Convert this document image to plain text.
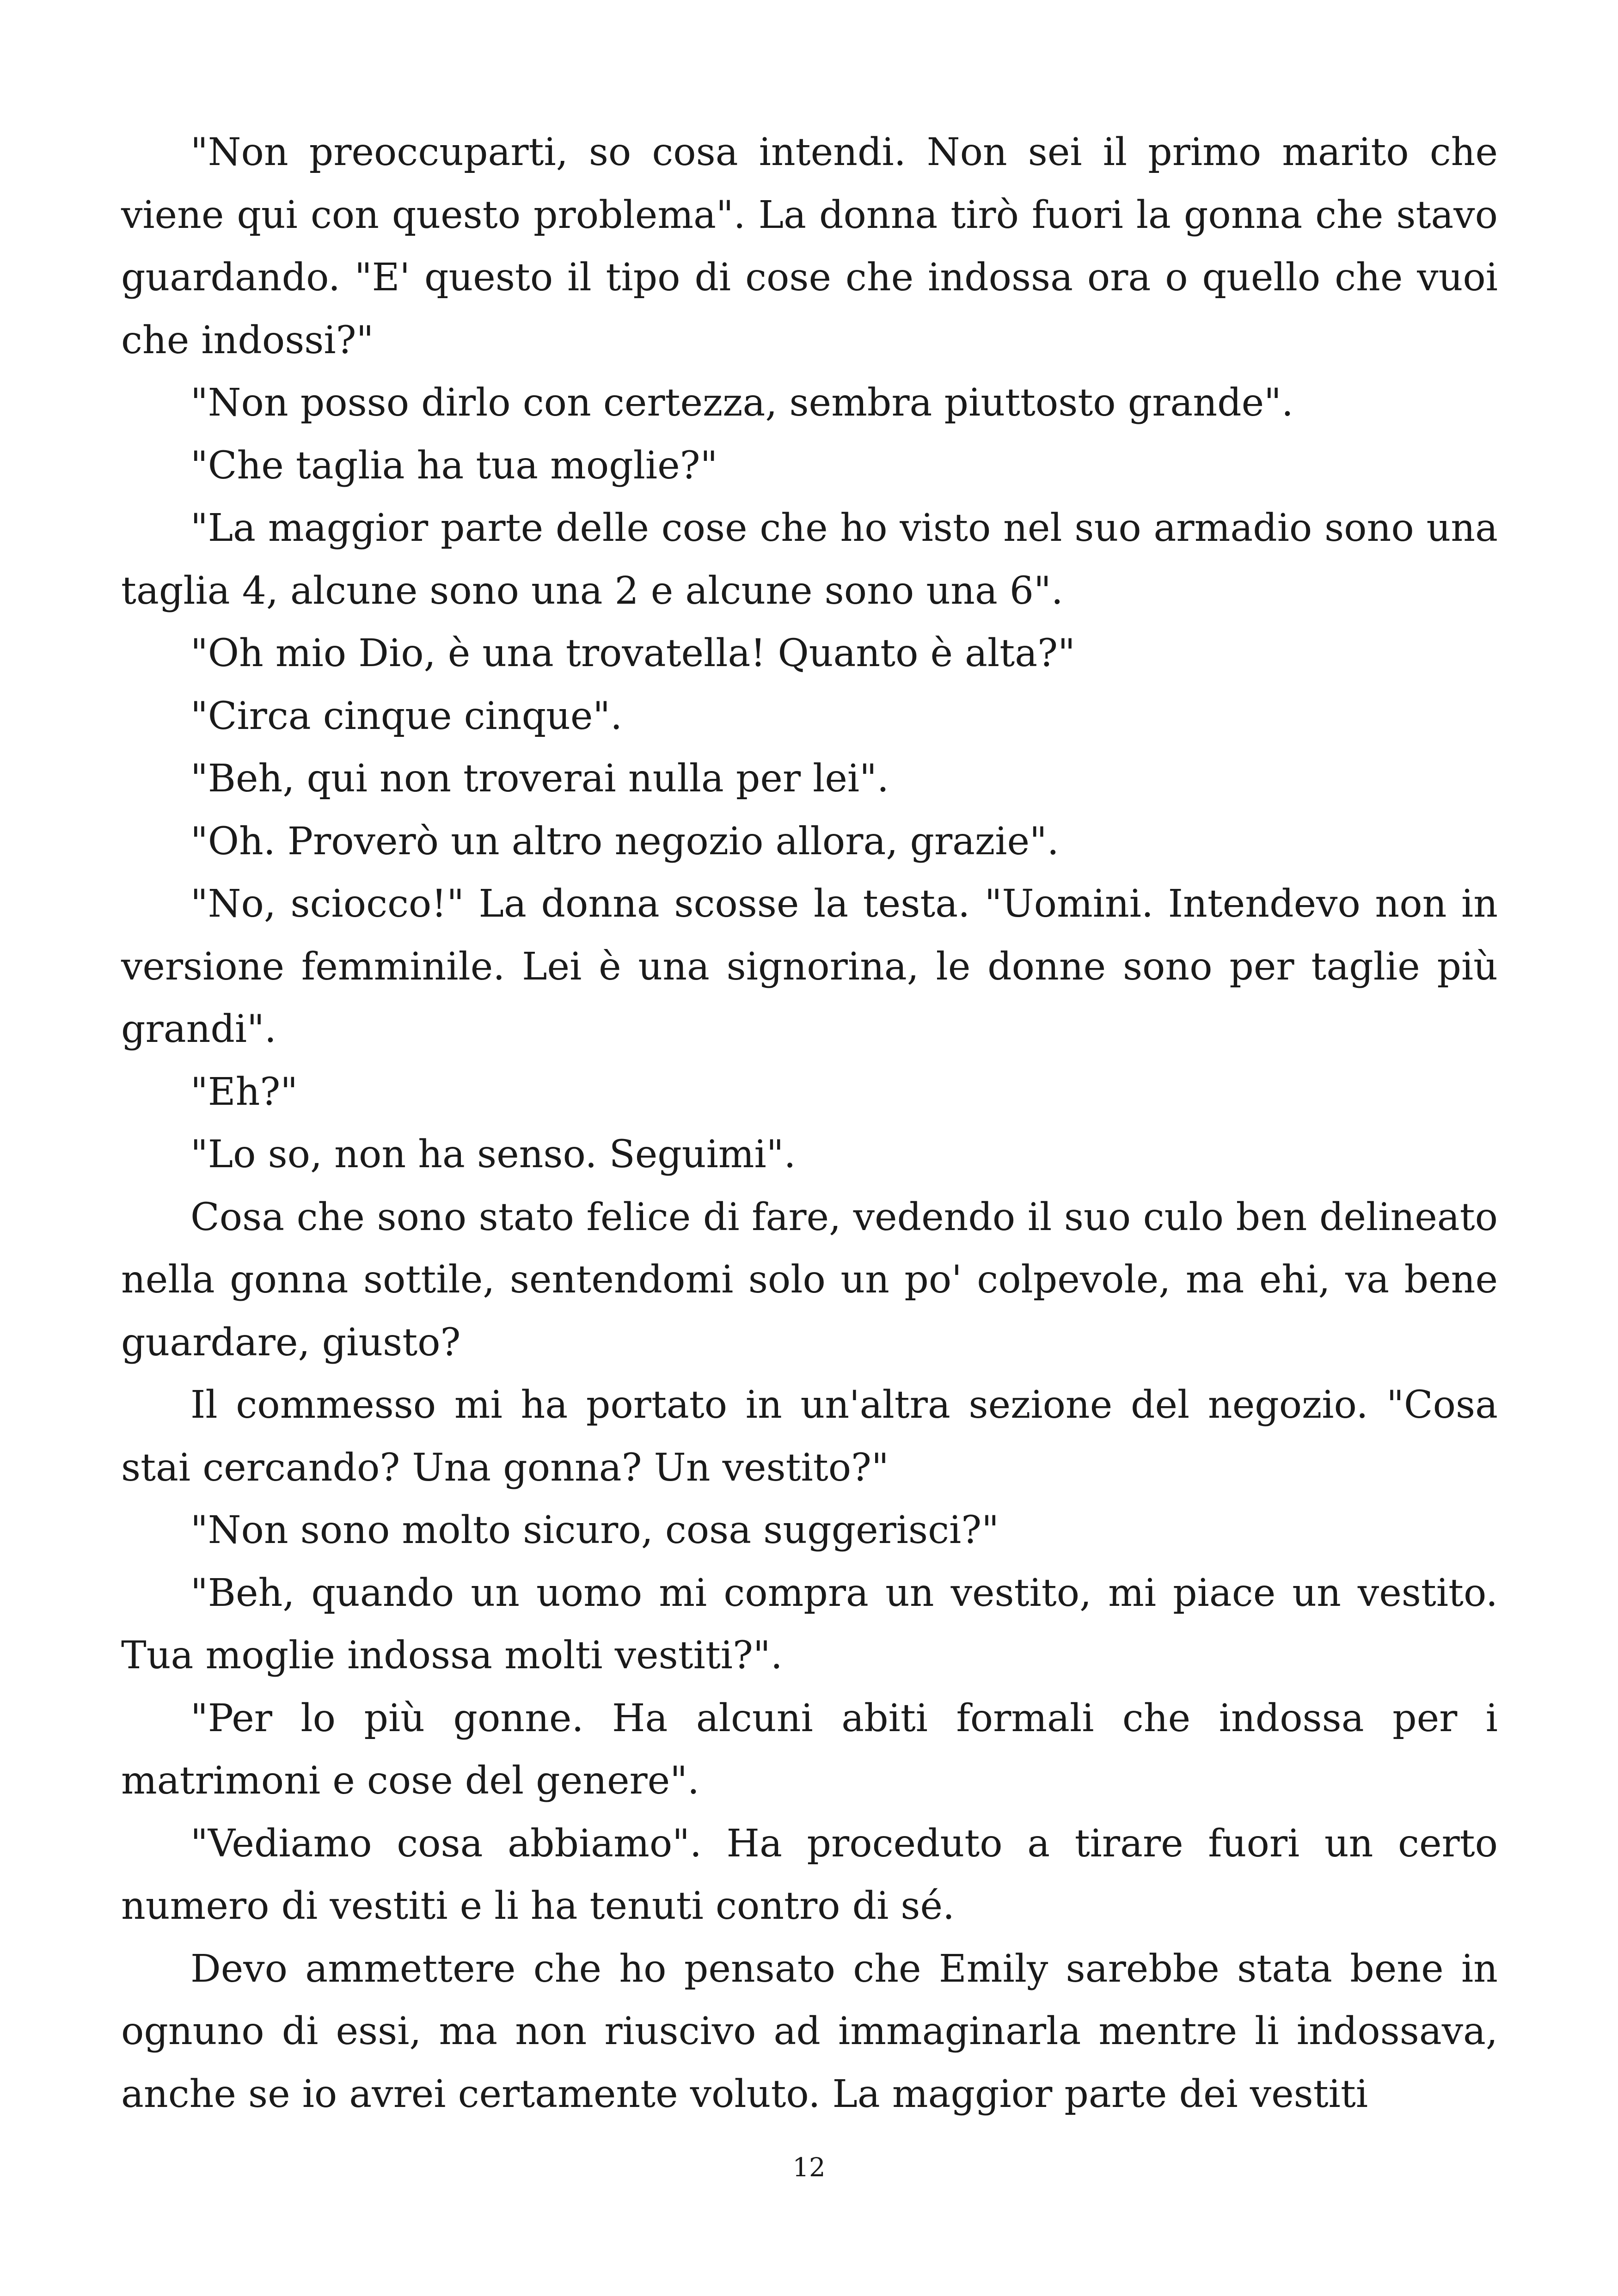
"Non preoccuparti, so cosa intendi. Non sei il primo marito che viene qui con questo problema". La donna tirò fuori la gonna che stavo guardando. "E' questo il tipo di cose che indossa ora o quello che vuoi che indossi?"

"Non posso dirlo con certezza, sembra piuttosto grande".

"Che taglia ha tua moglie?"

"La maggior parte delle cose che ho visto nel suo armadio sono una taglia 4, alcune sono una 2 e alcune sono una 6".

"Oh mio Dio, è una trovatella! Quanto è alta?"

"Circa cinque cinque".

"Beh, qui non troverai nulla per lei".

"Oh. Proverò un altro negozio allora, grazie".

"No, sciocco!" La donna scosse la testa. "Uomini. Intendevo non in versione femminile. Lei è una signorina, le donne sono per taglie più grandi".

"Eh?"

"Lo so, non ha senso. Seguimi".

Cosa che sono stato felice di fare, vedendo il suo culo ben delineato nella gonna sottile, sentendomi solo un po' colpevole, ma ehi, va bene guardare, giusto?

Il commesso mi ha portato in un'altra sezione del negozio. "Cosa stai cercando? Una gonna? Un vestito?"

"Non sono molto sicuro, cosa suggerisci?"

"Beh, quando un uomo mi compra un vestito, mi piace un vestito. Tua moglie indossa molti vestiti?".

"Per lo più gonne. Ha alcuni abiti formali che indossa per i matrimoni e cose del genere".

"Vediamo cosa abbiamo". Ha proceduto a tirare fuori un certo numero di vestiti e li ha tenuti contro di sé.

Devo ammettere che ho pensato che Emily sarebbe stata bene in ognuno di essi, ma non riuscivo ad immaginarla mentre li indossava, anche se io avrei certamente voluto. La maggior parte dei vestiti

12
